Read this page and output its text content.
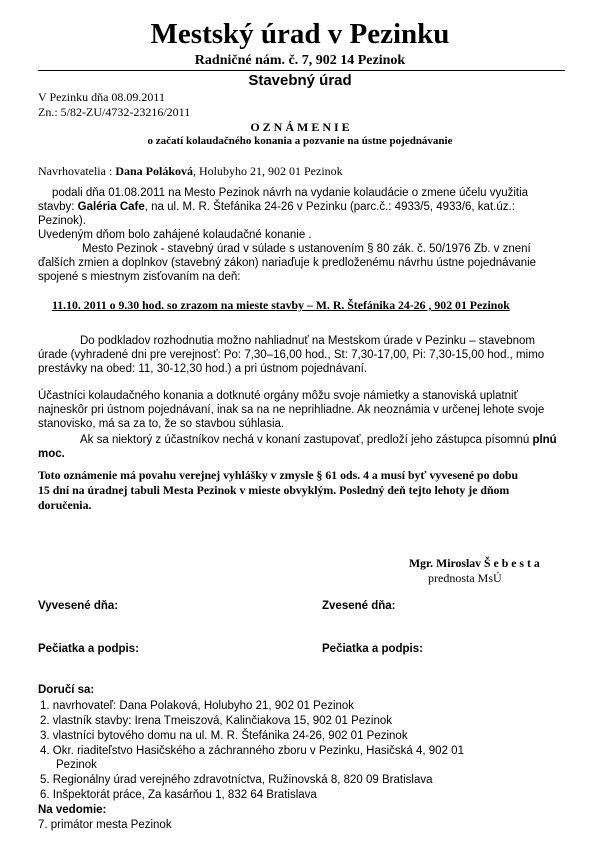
Mestský úrad v Pezinku
Radničné nám. č. 7, 902 14 Pezinok
Stavebný úrad
V Pezinku dňa 08.09.2011
Zn.: 5/82-ZU/4732-23216/2011
O Z N Á M E N I E
o začatí kolaudačného konania a pozvanie na ústne pojednávanie
Navrhovatelia : Dana Poláková, Holubyho 21, 902 01 Pezinok
podali dňa 01.08.2011 na Mesto Pezinok návrh na vydanie kolaudácie o zmene účelu využitia
stavby: Galéria Cafe, na ul. M. R. Štefánika 24-26 v Pezinku (parc.č.: 4933/5, 4933/6, kat.úz.:
Pezinok).
Uvedeným dňom bolo zahájené kolaudačné konanie .
Mesto Pezinok - stavebný úrad v súlade s ustanovením § 80 zák. č. 50/1976 Zb. v znení
ďalších zmien a doplnkov (stavebný zákon) nariaďuje k predloženému návrhu ústne pojednávanie
spojené s miestnym zisťovaním na deň:
11.10. 2011 o 9.30 hod. so zrazom na mieste stavby – M. R. Štefánika 24-26 , 902 01 Pezinok
Do podkladov rozhodnutia možno nahliadnuť na Mestskom úrade v Pezinku – stavebnom
úrade (vyhradené dni pre verejnosť: Po: 7,30–16,00 hod., St: 7,30-17,00, Pi: 7,30-15,00 hod., mimo
prestávky na obed: 11, 30-12,30 hod.) a pri ústnom pojednávaní.
Účastníci kolaudačného konania a dotknuté orgány môžu svoje námietky a stanoviská uplatniť
najneskôr pri ústnom pojednávaní, inak sa na ne neprihliadne. Ak neoznámia v určenej lehote svoje
stanovisko, má sa za to, že so stavbou súhlasia.
Ak sa niektorý z účastníkov nechá v konaní zastupovať, predloží jeho zástupca písomnú plnú
moc.
Toto oznámenie má povahu verejnej vyhlášky v zmysle § 61 ods. 4 a musí byť vyvesené po dobu
15 dní na úradnej tabuli Mesta Pezinok v mieste obvyklým. Posledný deň tejto lehoty je dňom
doručenia.
Mgr. Miroslav Š e b e s t a
prednosta MsÚ
Vyvesené dňa:	Zvesené dňa:
Pečiatka a podpis:	Pečiatka a podpis:
Doručí sa:
1. navrhovateľ: Dana Polaková, Holubyho 21, 902 01 Pezinok
2. vlastník stavby: Irena Tmeiszová, Kalinčiakova 15, 902 01 Pezinok
3. vlastníci bytového domu na ul. M. R. Štefánika 24-26, 902 01 Pezinok
4. Okr. riaditeľstvo Hasičského a záchranného zboru v Pezinku, Hasičská 4, 902 01
Pezinok
5. Regionálny úrad verejného zdravotníctva, Ružinovská 8, 820 09 Bratislava
6. Inšpektorát práce, Za kasárňou 1, 832 64 Bratislava
Na vedomie:
7. primátor mesta Pezinok
